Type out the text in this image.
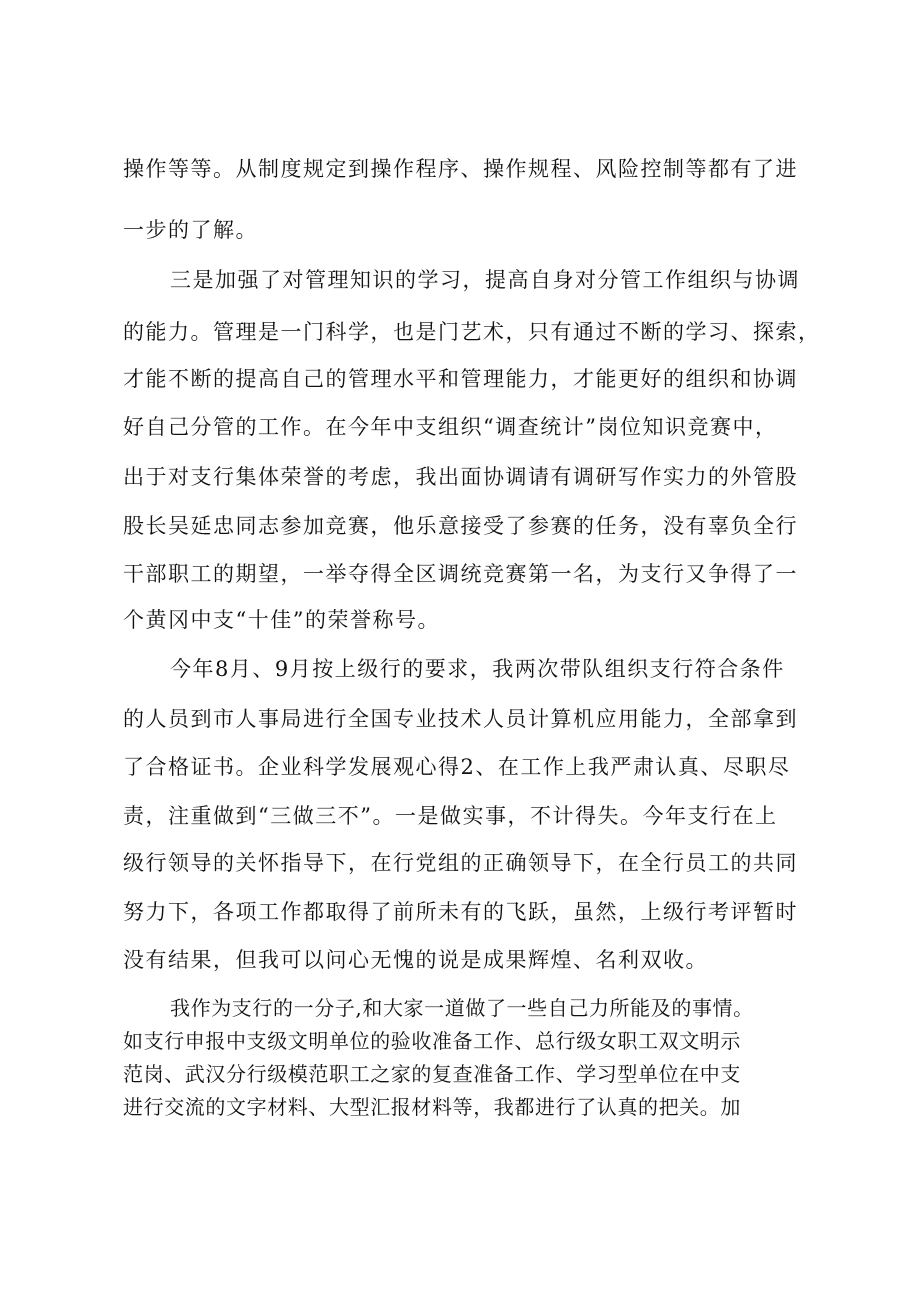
操作等等。从制度规定到操作程序、操作规程、风险控制等都有了进
一步的了解。
三是加强了对管理知识的学习，提高自身对分管工作组织与协调
的能力。管理是一门科学，也是门艺术，只有通过不断的学习、探索，
才能不断的提高自己的管理水平和管理能力，才能更好的组织和协调
好自己分管的工作。在今年中支组织“调查统计”岗位知识竞赛中，
出于对支行集体荣誉的考虑，我出面协调请有调研写作实力的外管股
股长吴延忠同志参加竞赛，他乐意接受了参赛的任务，没有辜负全行
干部职工的期望，一举夺得全区调统竞赛第一名，为支行又争得了一
个黄冈中支“十佳”的荣誉称号。
今年8月、9月按上级行的要求，我两次带队组织支行符合条件
的人员到市人事局进行全国专业技术人员计算机应用能力，全部拿到
了合格证书。企业科学发展观心得2、在工作上我严肃认真、尽职尽
责，注重做到“三做三不”。一是做实事，不计得失。今年支行在上
级行领导的关怀指导下，在行党组的正确领导下，在全行员工的共同
努力下，各项工作都取得了前所未有的飞跃，虽然，上级行考评暂时
没有结果，但我可以问心无愧的说是成果辉煌、名利双收。
我作为支行的一分子,和大家一道做了一些自己力所能及的事情。
如支行申报中支级文明单位的验收准备工作、总行级女职工双文明示
范岗、武汉分行级模范职工之家的复查准备工作、学习型单位在中支
进行交流的文字材料、大型汇报材料等，我都进行了认真的把关。加
